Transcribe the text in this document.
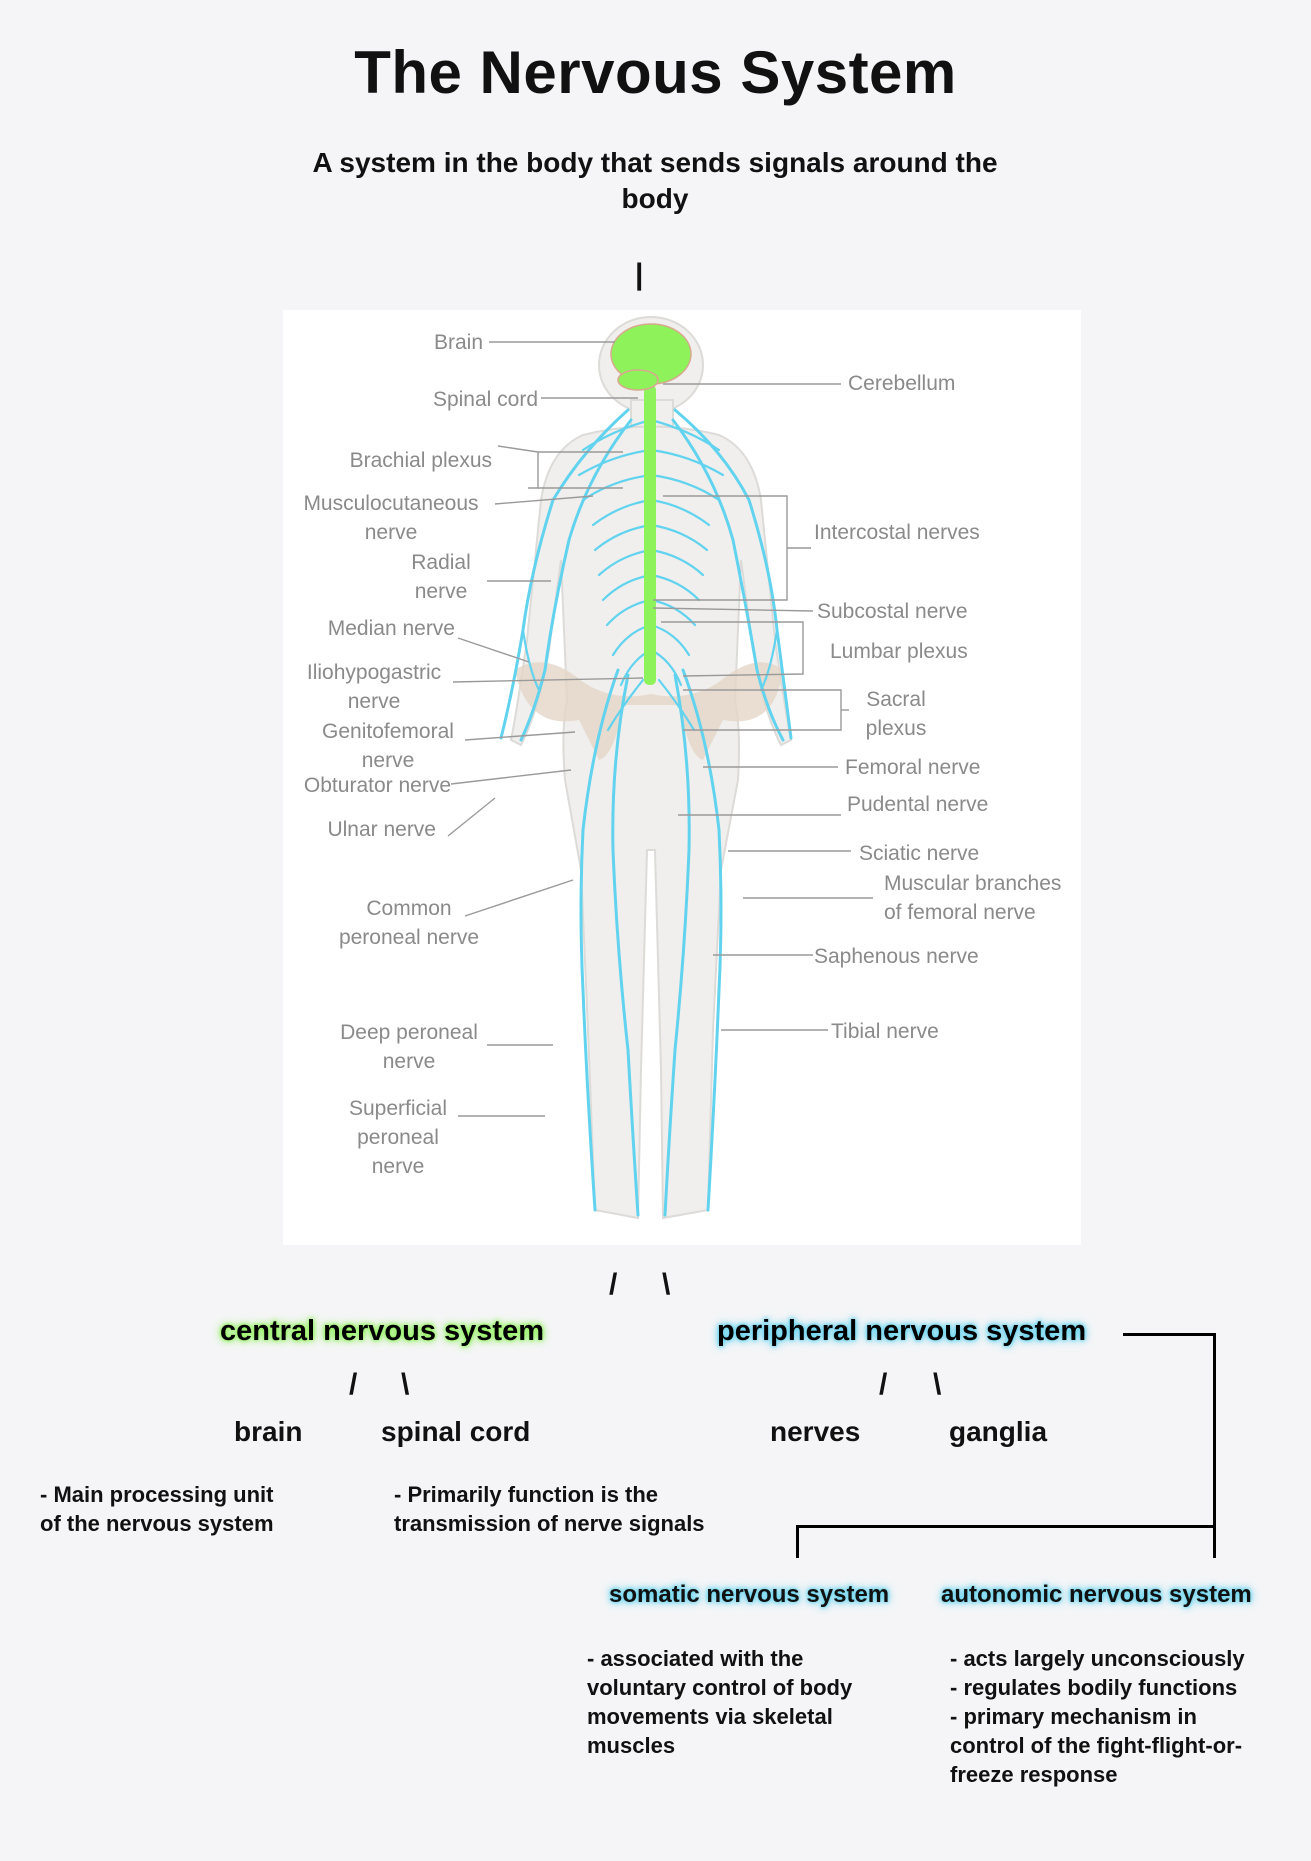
The Nervous System
A system in the body that sends signals around the body
|
Brain
Spinal cord
Brachial plexus
Musculocutaneous
nerve
Radial
nerve
Median nerve
Iliohypogastric
nerve
Genitofemoral
nerve
Obturator nerve
Ulnar nerve
Common
peroneal nerve
Deep peroneal
nerve
Superficial
peroneal
nerve
Cerebellum
Intercostal nerves
Subcostal nerve
Lumbar plexus
Sacral
plexus
Femoral nerve
Pudental nerve
Sciatic nerve
Muscular branches
of femoral nerve
Saphenous nerve
Tibial nerve
/ \
central nervous system
/ \
brain	spinal cord
- Main processing unit
of the nervous system
- Primarily function is the
transmission of nerve signals
peripheral nervous system
/ \
nerves	ganglia
somatic nervous system autonomic nervous system
- associated with the
voluntary control of body
movements via skeletal
muscles
- acts largely unconsciously
- regulates bodily functions
- primary mechanism in
control of the fight-flight-or-
freeze response
